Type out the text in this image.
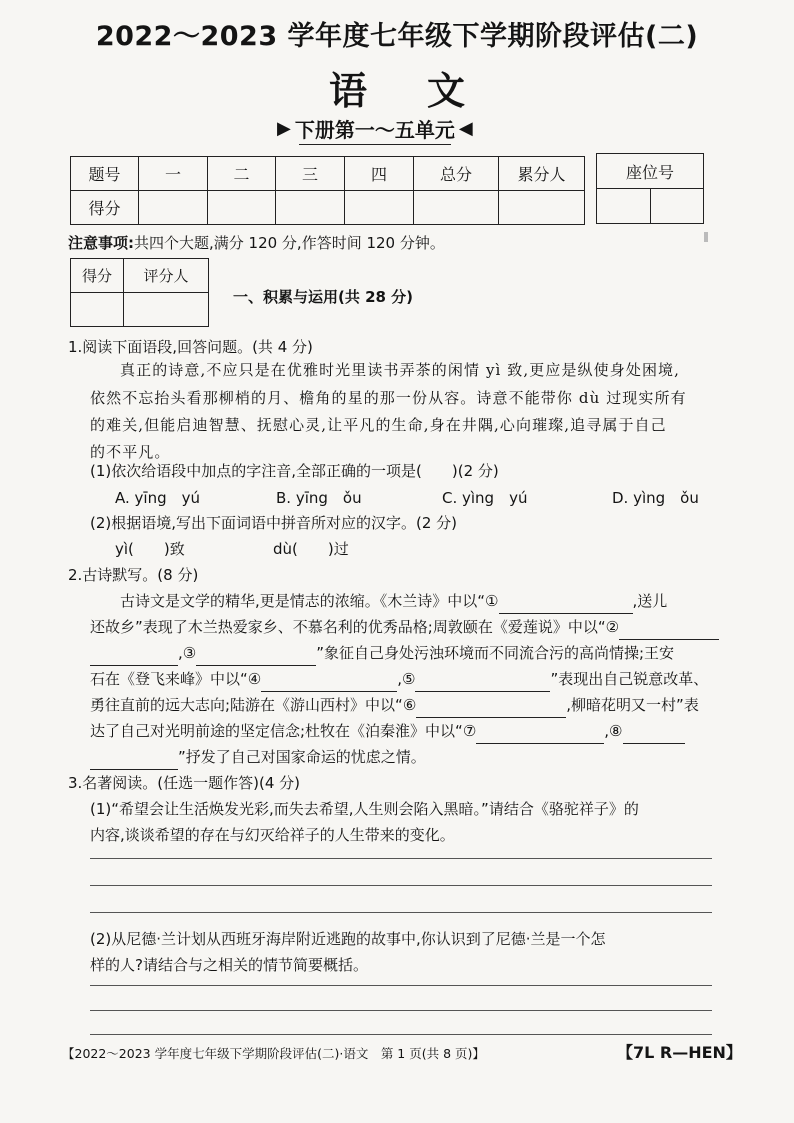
2022～2023 学年度七年级下学期阶段评估(二)
语文
▶ 下册第一～五单元 ◀
题号	一	二	三	四	总分	累分人
得分						
座位号

注意事项:共四个大题,满分 120 分,作答时间 120 分钟。
得分	评分人

一、积累与运用(共 28 分)
1.阅读下面语段,回答问题。(共 4 分)
真正的诗意,不应只是在优雅时光里读书弄茶的闲情 yì 致,更应是纵使身处困境,
依然不忘抬头看那柳梢的月、檐角的星的那一份从容。诗意不能带你 dù 过现实所有
的难关,但能启迪智慧、抚慰心灵,让平凡的生命,身在井隅,心向璀璨,追寻属于自己
的不平凡。
(1)依次给语段中加点的字注音,全部正确的一项是(　　)(2 分)
A. yīng　yú	B. yīng　ǒu	C. yìng　yú	D. yìng　ǒu
(2)根据语境,写出下面词语中拼音所对应的汉字。(2 分)
yì(　　)致	dù(　　)过
2.古诗默写。(8 分)
古诗文是文学的精华,更是情志的浓缩。《木兰诗》中以“①	,送儿
还故乡”表现了木兰热爱家乡、不慕名利的优秀品格;周敦颐在《爱莲说》中以“②
,③	”象征自己身处污浊环境而不同流合污的高尚情操;王安
石在《登飞来峰》中以“④	,⑤	”表现出自己锐意改革、
勇往直前的远大志向;陆游在《游山西村》中以“⑥	,柳暗花明又一村”表
达了自己对光明前途的坚定信念;杜牧在《泊秦淮》中以“⑦	,⑧
”抒发了自己对国家命运的忧虑之情。
3.名著阅读。(任选一题作答)(4 分)
(1)“希望会让生活焕发光彩,而失去希望,人生则会陷入黑暗。”请结合《骆驼祥子》的
内容,谈谈希望的存在与幻灭给祥子的人生带来的变化。
(2)从尼德·兰计划从西班牙海岸附近逃跑的故事中,你认识到了尼德·兰是一个怎
样的人?请结合与之相关的情节简要概括。
【2022～2023 学年度七年级下学期阶段评估(二)·语文　第 1 页(共 8 页)】	【7L R—HEN】
